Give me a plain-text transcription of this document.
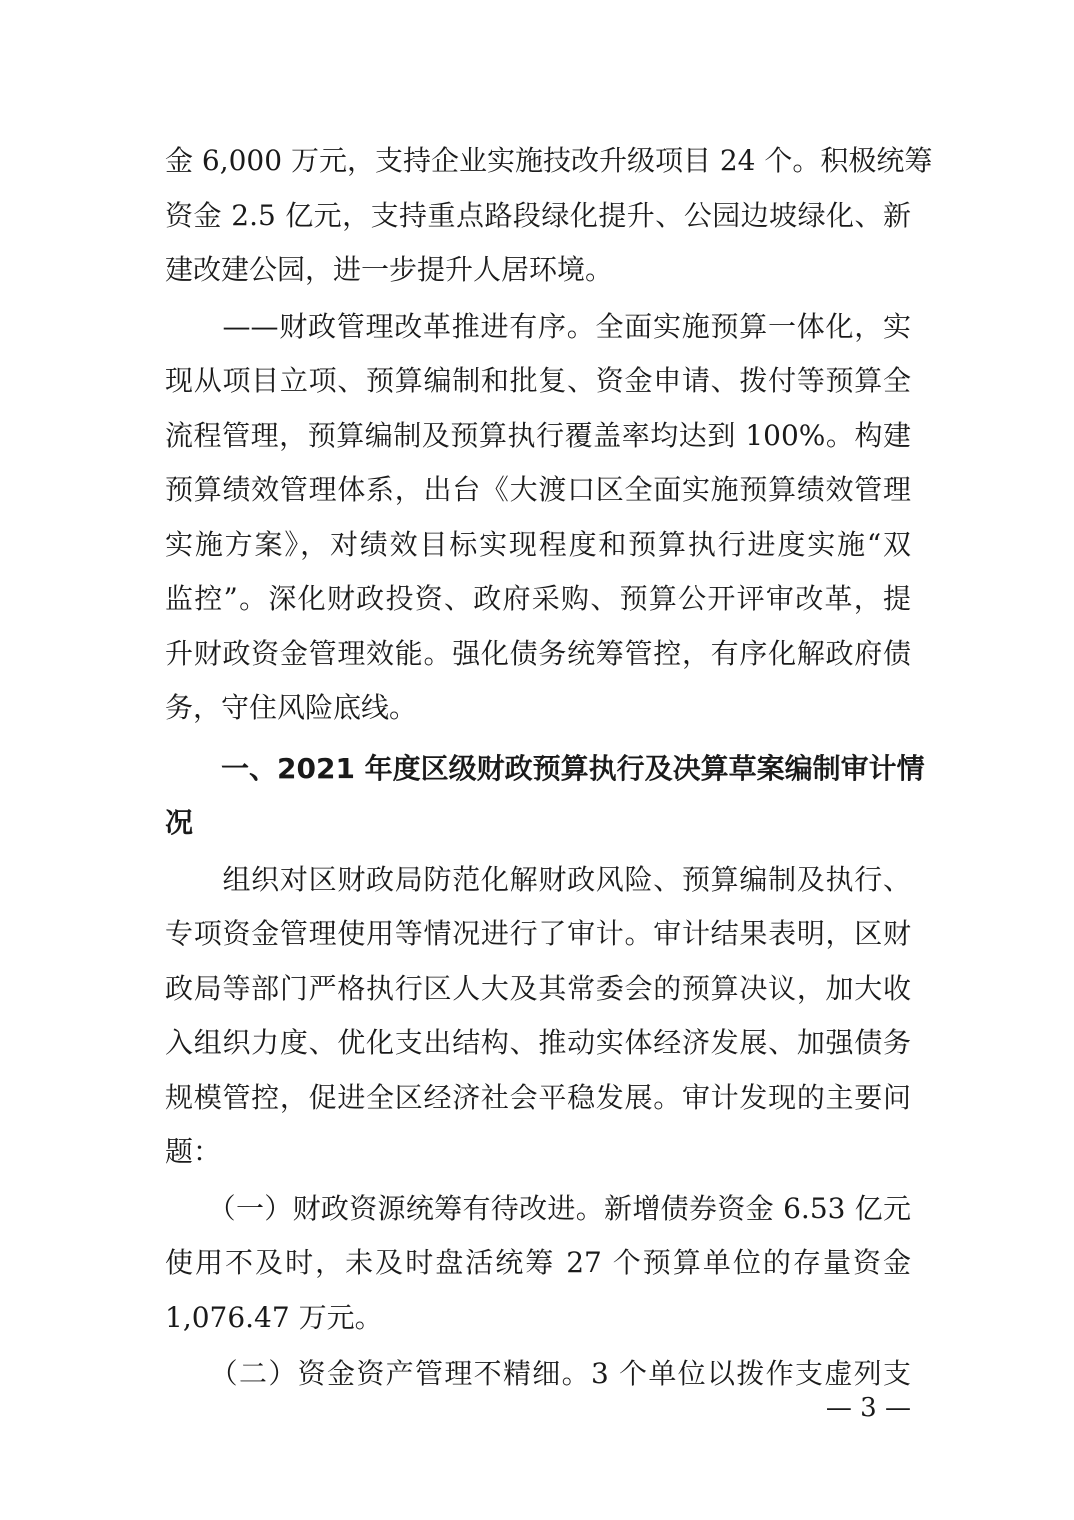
金 6,000 万元，支持企业实施技改升级项目 24 个。积极统筹
资金 2.5 亿元，支持重点路段绿化提升、公园边坡绿化、新
建改建公园，进一步提升人居环境。
　　——财政管理改革推进有序。全面实施预算一体化，实
现从项目立项、预算编制和批复、资金申请、拨付等预算全
流程管理，预算编制及预算执行覆盖率均达到 100%。构建
预算绩效管理体系，出台《大渡口区全面实施预算绩效管理
实施方案》，对绩效目标实现程度和预算执行进度实施“双
监控”。深化财政投资、政府采购、预算公开评审改革，提
升财政资金管理效能。强化债务统筹管控，有序化解政府债
务，守住风险底线。
　　一、2021 年度区级财政预算执行及决算草案编制审计情
况
　　组织对区财政局防范化解财政风险、预算编制及执行、
专项资金管理使用等情况进行了审计。审计结果表明，区财
政局等部门严格执行区人大及其常委会的预算决议，加大收
入组织力度、优化支出结构、推动实体经济发展、加强债务
规模管控，促进全区经济社会平稳发展。审计发现的主要问
题：
　　（一）财政资源统筹有待改进。新增债券资金 6.53 亿元
使用不及时，未及时盘活统筹 27 个预算单位的存量资金
1,076.47 万元。
　　（二）资金资产管理不精细。3 个单位以拨作支虚列支
— 3 —
